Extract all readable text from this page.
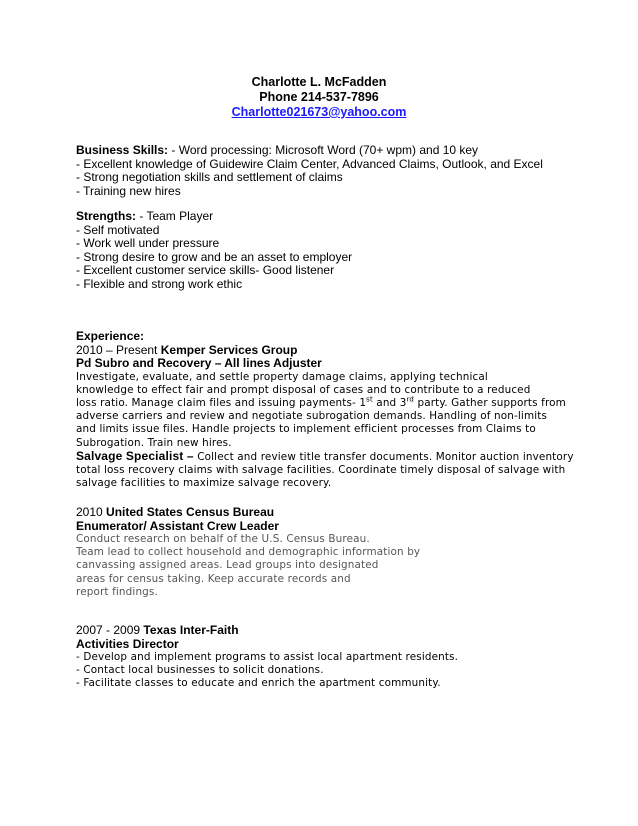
Charlotte L. McFadden
Phone 214-537-7896
Charlotte021673@yahoo.com
Business Skills: - Word processing: Microsoft Word (70+ wpm) and 10 key
- Excellent knowledge of Guidewire Claim Center, Advanced Claims, Outlook, and Excel
- Strong negotiation skills and settlement of claims
- Training new hires
Strengths: - Team Player
- Self motivated
- Work well under pressure
- Strong desire to grow and be an asset to employer
- Excellent customer service skills- Good listener
- Flexible and strong work ethic
Experience:
2010 – Present Kemper Services Group
Pd Subro and Recovery – All lines Adjuster
Investigate, evaluate, and settle property damage claims, applying technical
knowledge to effect fair and prompt disposal of cases and to contribute to a reduced
loss ratio. Manage claim files and issuing payments- 1st and 3rd party. Gather supports from
adverse carriers and review and negotiate subrogation demands. Handling of non-limits
and limits issue files. Handle projects to implement efficient processes from Claims to
Subrogation. Train new hires.
Salvage Specialist – Collect and review title transfer documents. Monitor auction inventory
total loss recovery claims with salvage facilities. Coordinate timely disposal of salvage with
salvage facilities to maximize salvage recovery.
2010 United States Census Bureau
Enumerator/ Assistant Crew Leader
Conduct research on behalf of the U.S. Census Bureau.
Team lead to collect household and demographic information by
canvassing assigned areas. Lead groups into designated
areas for census taking. Keep accurate records and
report findings.
2007 - 2009 Texas Inter-Faith
Activities Director
- Develop and implement programs to assist local apartment residents.
- Contact local businesses to solicit donations.
- Facilitate classes to educate and enrich the apartment community.
